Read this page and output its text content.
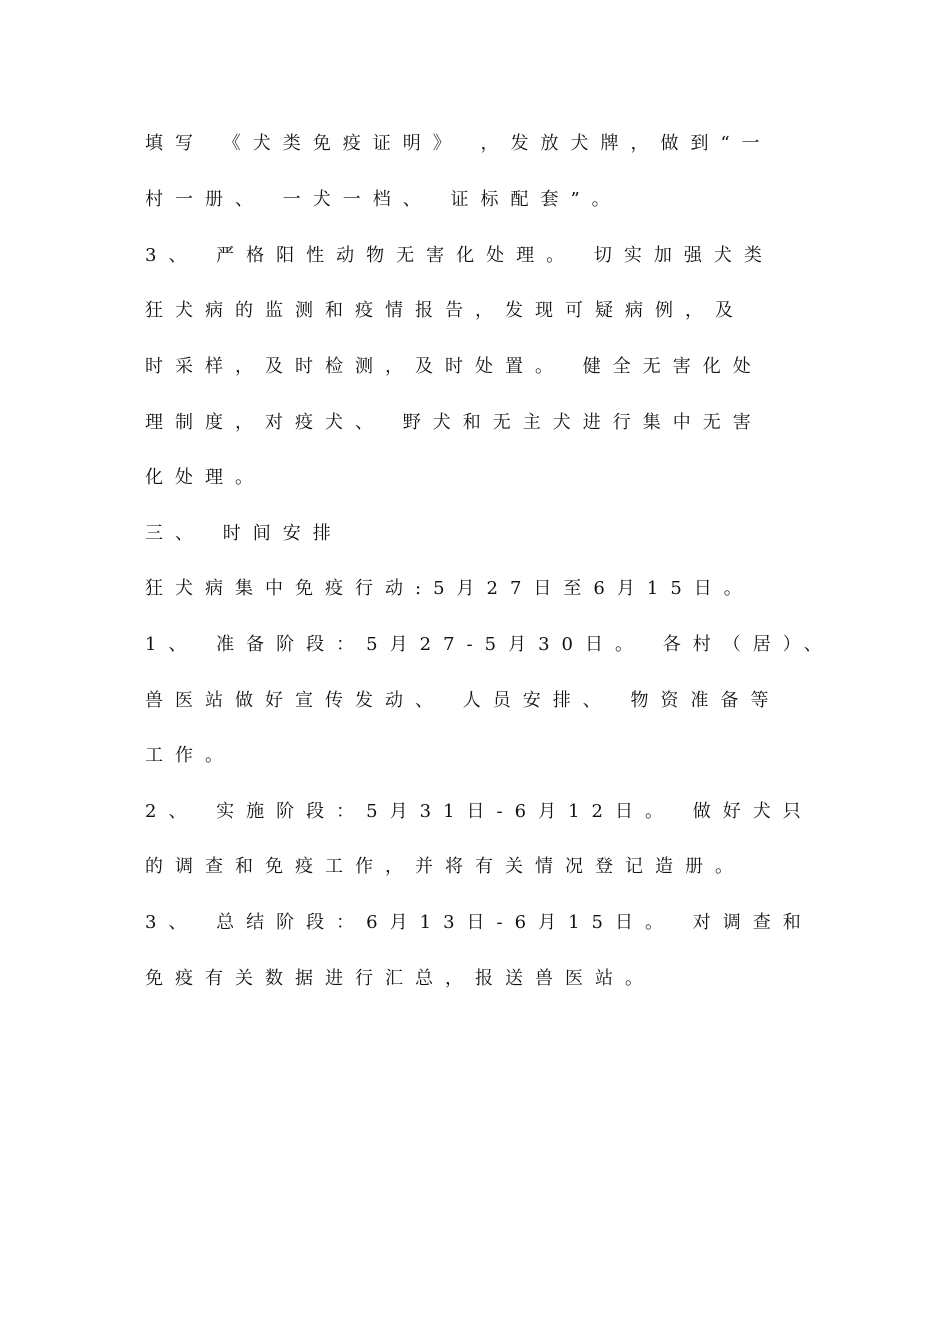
填写 《犬类免疫证明》 ，发放犬牌，做到“一
村一册、 一犬一档、 证标配套”。
3、 严格阳性动物无害化处理。 切实加强犬类
狂犬病的监测和疫情报告，发现可疑病例，及
时采样，及时检测，及时处置。 健全无害化处
理制度，对疫犬、 野犬和无主犬进行集中无害
化处理。
三、 时间安排
狂犬病集中免疫行动:5月27日至6月15日。
1、 准备阶段：5月27-5月30日。 各村（居）、
兽医站做好宣传发动、 人员安排、 物资准备等
工作。
2、 实施阶段：5月31日-6月12日。 做好犬只
的调查和免疫工作，并将有关情况登记造册。
3、 总结阶段：6月13日-6月15日。 对调查和
免疫有关数据进行汇总，报送兽医站。
